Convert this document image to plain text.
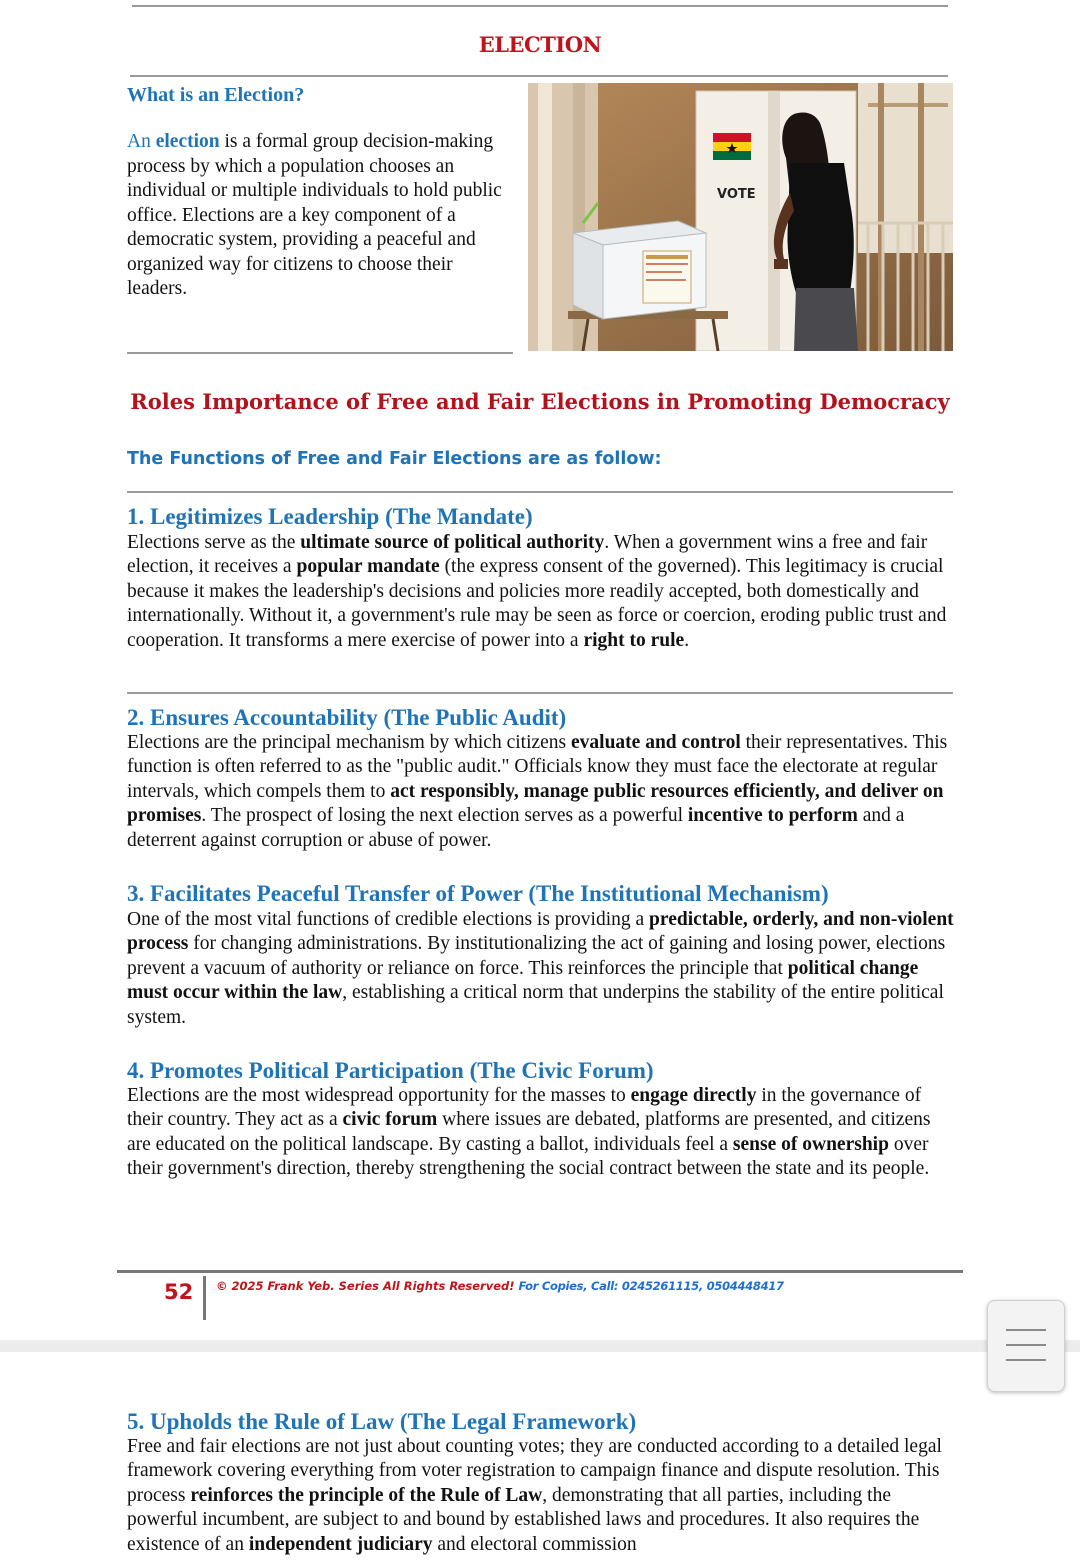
ELECTION
What is an Election?
An election is a formal group decision-making process by which a population chooses an individual or multiple individuals to hold public office. Elections are a key component of a democratic system, providing a peaceful and organized way for citizens to choose their leaders.
VOTE
Roles Importance of Free and Fair Elections in Promoting Democracy
The Functions of Free and Fair Elections are as follow:
1. Legitimizes Leadership (The Mandate)
Elections serve as the ultimate source of political authority. When a government wins a free and fair election, it receives a popular mandate (the express consent of the governed). This legitimacy is crucial because it makes the leadership's decisions and policies more readily accepted, both domestically and internationally. Without it, a government's rule may be seen as force or coercion, eroding public trust and cooperation. It transforms a mere exercise of power into a right to rule.
2. Ensures Accountability (The Public Audit)
Elections are the principal mechanism by which citizens evaluate and control their representatives. This function is often referred to as the "public audit." Officials know they must face the electorate at regular intervals, which compels them to act responsibly, manage public resources efficiently, and deliver on promises. The prospect of losing the next election serves as a powerful incentive to perform and a deterrent against corruption or abuse of power.
3. Facilitates Peaceful Transfer of Power (The Institutional Mechanism)
One of the most vital functions of credible elections is providing a predictable, orderly, and non-violent process for changing administrations. By institutionalizing the act of gaining and losing power, elections prevent a vacuum of authority or reliance on force. This reinforces the principle that political change must occur within the law, establishing a critical norm that underpins the stability of the entire political system.
4. Promotes Political Participation (The Civic Forum)
Elections are the most widespread opportunity for the masses to engage directly in the governance of their country. They act as a civic forum where issues are debated, platforms are presented, and citizens are educated on the political landscape. By casting a ballot, individuals feel a sense of ownership over their government's direction, thereby strengthening the social contract between the state and its people.
52 © 2025 Frank Yeb. Series All Rights Reserved! For Copies, Call: 0245261115, 0504448417
5. Upholds the Rule of Law (The Legal Framework)
Free and fair elections are not just about counting votes; they are conducted according to a detailed legal framework covering everything from voter registration to campaign finance and dispute resolution. This process reinforces the principle of the Rule of Law, demonstrating that all parties, including the powerful incumbent, are subject to and bound by established laws and procedures. It also requires the existence of an independent judiciary and electoral commission
